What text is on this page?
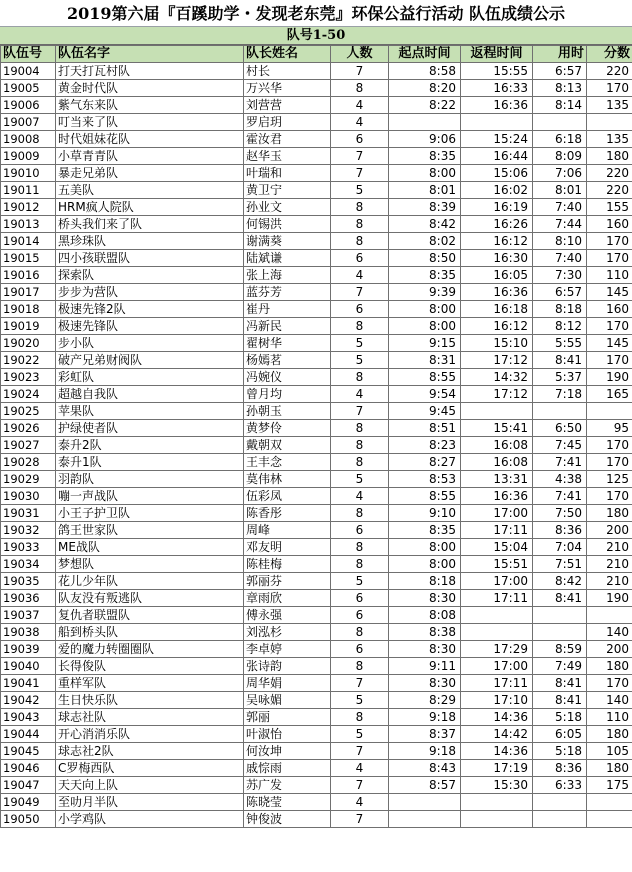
2019第六届『百蹊助学・发现老东莞』环保公益行活动 队伍成绩公示
队号1-50
队伍号	队伍名字	队长姓名	人数	起点时间	返程时间	用时	分数
19004	打天打瓦村队	村长	7	8:58	15:55	6:57	220
19005	黄金时代队	万兴华	8	8:20	16:33	8:13	170
19006	紫气东来队	刘营营	4	8:22	16:36	8:14	135
19007	叮当来了队	罗启玥	4				
19008	时代姐妹花队	霍汝君	6	9:06	15:24	6:18	135
19009	小草青青队	赵华玉	7	8:35	16:44	8:09	180
19010	暴走兄弟队	叶瑞和	7	8:00	15:06	7:06	220
19011	五美队	黄卫宁	5	8:01	16:02	8:01	220
19012	HRM疯人院队	孙业文	8	8:39	16:19	7:40	155
19013	桥头我们来了队	何锡洪	8	8:42	16:26	7:44	160
19014	黑珍珠队	谢满葵	8	8:02	16:12	8:10	170
19015	四小孩联盟队	陆斌谦	6	8:50	16:30	7:40	170
19016	探索队	张上海	4	8:35	16:05	7:30	110
19017	步步为营队	蓝芬芳	7	9:39	16:36	6:57	145
19018	极速先锋2队	崔丹	6	8:00	16:18	8:18	160
19019	极速先锋队	冯新民	8	8:00	16:12	8:12	170
19020	步小队	翟树华	5	9:15	15:10	5:55	145
19022	破产兄弟财阀队	杨嫣茗	5	8:31	17:12	8:41	170
19023	彩虹队	冯婉仪	8	8:55	14:32	5:37	190
19024	超越自我队	曾月均	4	9:54	17:12	7:18	165
19025	苹果队	孙朝玉	7	9:45			
19026	护绿使者队	黄梦伶	8	8:51	15:41	6:50	95
19027	泰升2队	戴朝双	8	8:23	16:08	7:45	170
19028	泰升1队	王丰念	8	8:27	16:08	7:41	170
19029	羽韵队	莫伟林	5	8:53	13:31	4:38	125
19030	嘣一声战队	伍彩凤	4	8:55	16:36	7:41	170
19031	小王子护卫队	陈香彤	8	9:10	17:00	7:50	180
19032	鸽王世家队	周峰	6	8:35	17:11	8:36	200
19033	ME战队	邓友明	8	8:00	15:04	7:04	210
19034	梦想队	陈桂梅	8	8:00	15:51	7:51	210
19035	花儿少年队	郭丽芬	5	8:18	17:00	8:42	210
19036	队友没有叛逃队	章雨欣	6	8:30	17:11	8:41	190
19037	复仇者联盟队	傅永强	6	8:08			
19038	船到桥头队	刘泓杉	8	8:38			140
19039	爱的魔力转圈圈队	李卓婷	6	8:30	17:29	8:59	200
19040	长得俊队	张诗韵	8	9:11	17:00	7:49	180
19041	重样军队	周华娟	7	8:30	17:11	8:41	170
19042	生日快乐队	吴咏媚	5	8:29	17:10	8:41	140
19043	球志社队	郭丽	8	9:18	14:36	5:18	110
19044	开心消消乐队	叶淑怡	5	8:37	14:42	6:05	180
19045	球志社2队	何汝坤	7	9:18	14:36	5:18	105
19046	C罗梅西队	戚悰雨	4	8:43	17:19	8:36	180
19047	天天向上队	苏广发	7	8:57	15:30	6:33	175
19049	至叻月半队	陈晓莹	4				
19050	小学鸡队	钟俊波	7				
